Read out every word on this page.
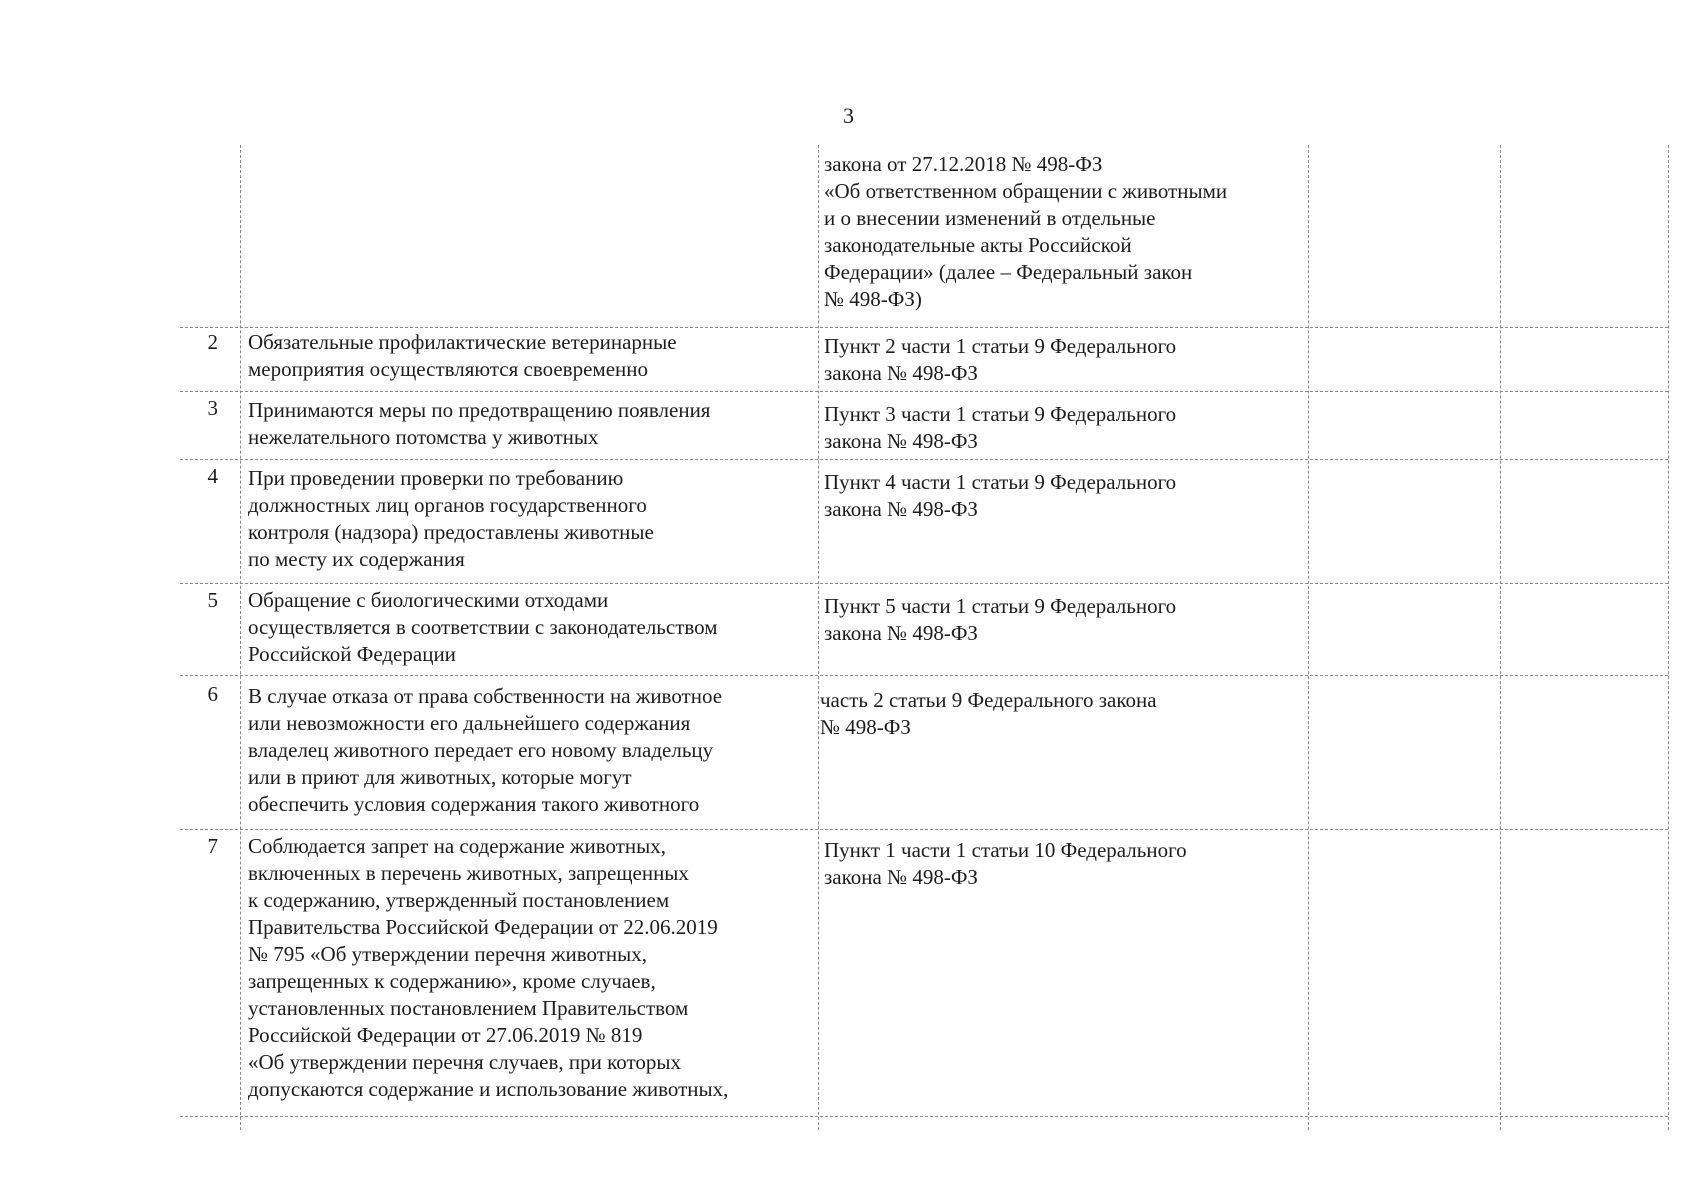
3

закона от 27.12.2018 № 498-ФЗ
«Об ответственном обращении с животными
и о внесении изменений в отдельные
законодательные акты Российской
Федерации» (далее – Федеральный закон
№ 498-ФЗ)

2 Обязательные профилактические ветеринарные
мероприятия осуществляются своевременно

Пункт 2 части 1 статьи 9 Федерального
закона № 498-ФЗ

3 Принимаются меры по предотвращению появления
нежелательного потомства у животных

Пункт 3 части 1 статьи 9 Федерального
закона № 498-ФЗ

4 При проведении проверки по требованию
должностных лиц органов государственного
контроля (надзора) предоставлены животные
по месту их содержания

Пункт 4 части 1 статьи 9 Федерального
закона № 498-ФЗ

5 Обращение с биологическими отходами
осуществляется в соответствии с законодательством
Российской Федерации

Пункт 5 части 1 статьи 9 Федерального
закона № 498-ФЗ

6 В случае отказа от права собственности на животное
или невозможности его дальнейшего содержания
владелец животного передает его новому владельцу
или в приют для животных, которые могут
обеспечить условия содержания такого животного

часть 2 статьи 9 Федерального закона
№ 498-ФЗ

7 Соблюдается запрет на содержание животных,
включенных в перечень животных, запрещенных
к содержанию, утвержденный постановлением
Правительства Российской Федерации от 22.06.2019
№ 795 «Об утверждении перечня животных,
запрещенных к содержанию», кроме случаев,
установленных постановлением Правительством
Российской Федерации от 27.06.2019 № 819
«Об утверждении перечня случаев, при которых
допускаются содержание и использование животных,

Пункт 1 части 1 статьи 10 Федерального
закона № 498-ФЗ
